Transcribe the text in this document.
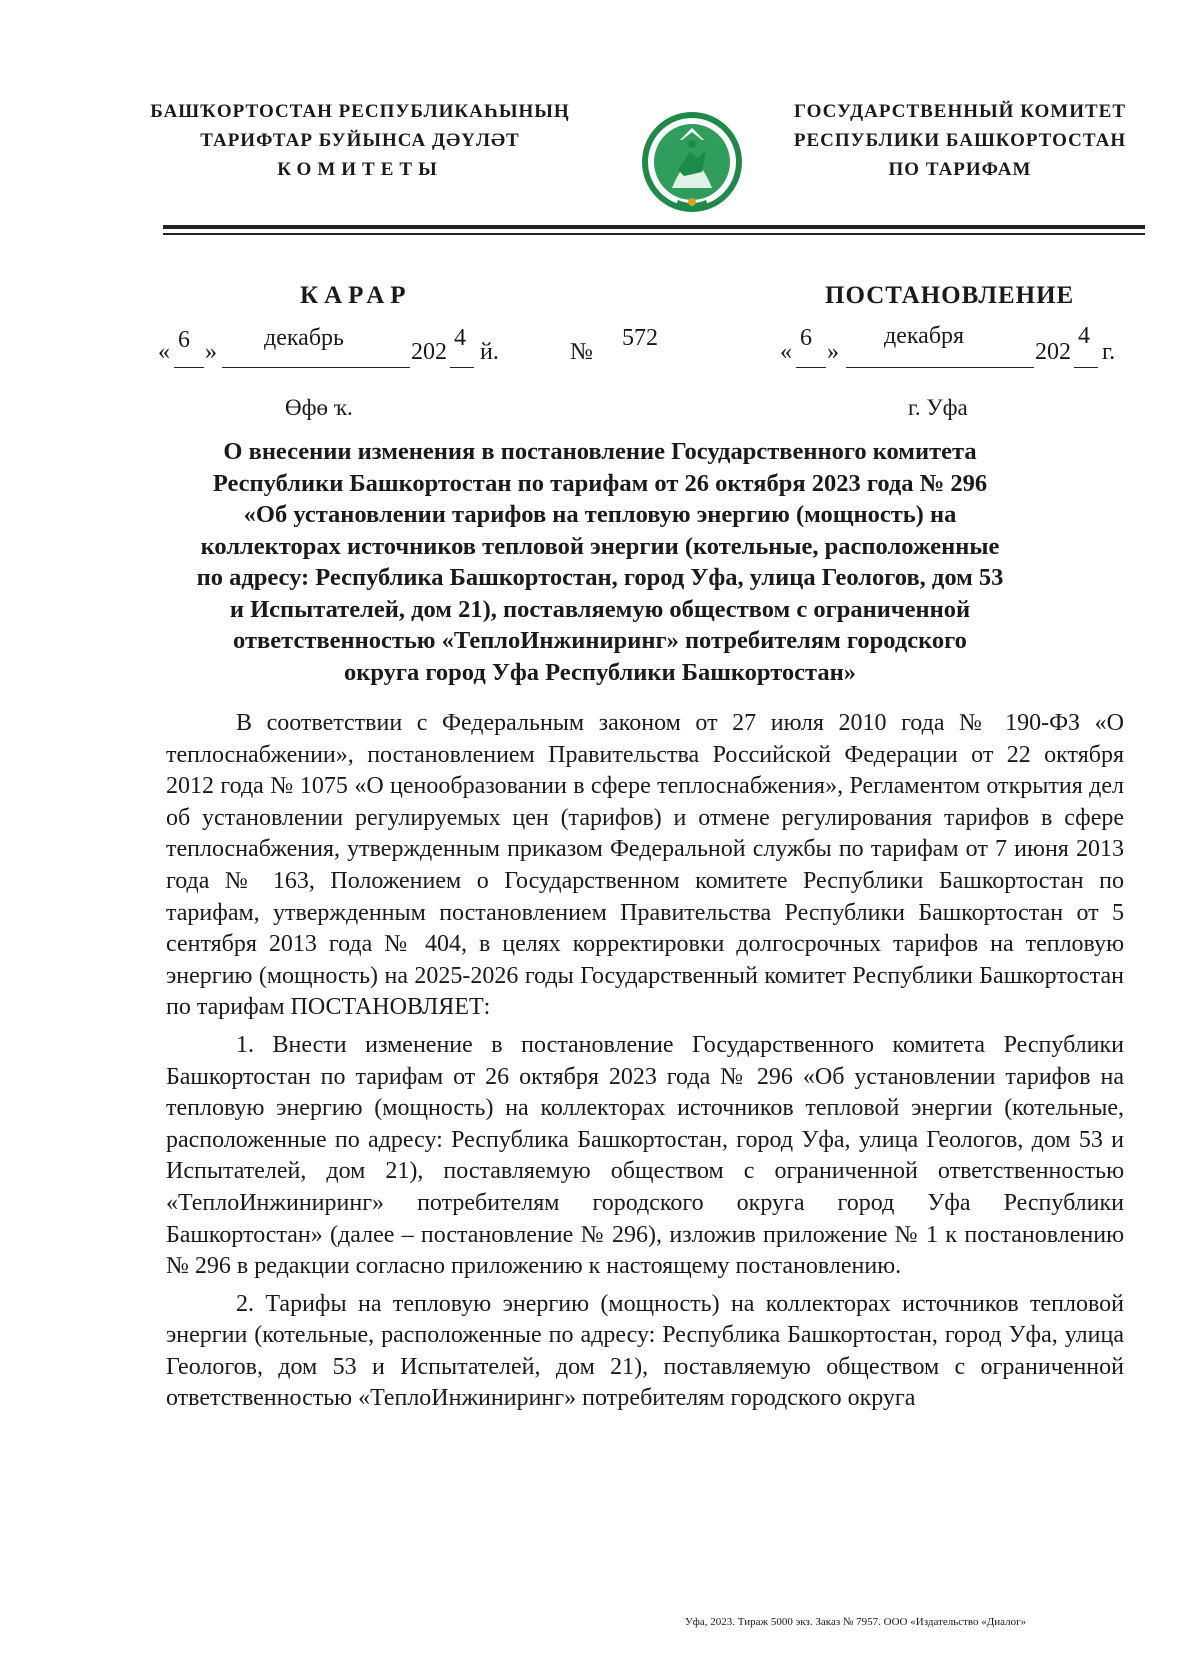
БАШҠОРТОСТАН РЕСПУБЛИКАҺЫНЫҢ
ТАРИФТАР БУЙЫНСА ДӘҮЛӘТ
КОМИТЕТЫ
ГОСУДАРСТВЕННЫЙ КОМИТЕТ
РЕСПУБЛИКИ БАШКОРТОСТАН
ПО ТАРИФАМ
КАРАР	ПОСТАНОВЛЕНИЕ
« 6 »
декабрь
202
4
й.	№
572
«
6
»
декабря
202
4
г.
Өфө ҡ.	г. Уфа
О внесении изменения в постановление Государственного комитета
Республики Башкортостан по тарифам от 26 октября 2023 года № 296
«Об установлении тарифов на тепловую энергию (мощность) на
коллекторах источников тепловой энергии (котельные, расположенные
по адресу: Республика Башкортостан, город Уфа, улица Геологов, дом 53
и Испытателей, дом 21), поставляемую обществом с ограниченной
ответственностью «ТеплоИнжиниринг» потребителям городского
округа город Уфа Республики Башкортостан»

В соответствии с Федеральным законом от 27 июля 2010 года № 190-ФЗ «О теплоснабжении», постановлением Правительства Российской Федерации от 22 октября 2012 года № 1075 «О ценообразовании в сфере теплоснабжения», Регламентом открытия дел об установлении регулируемых цен (тарифов) и отмене регулирования тарифов в сфере теплоснабжения, утвержденным приказом Федеральной службы по тарифам от 7 июня 2013 года № 163, Положением о Государственном комитете Республики Башкортостан по тарифам, утвержденным постановлением Правительства Республики Башкортостан от 5 сентября 2013 года № 404, в целях корректировки долгосрочных тарифов на тепловую энергию (мощность) на 2025-2026 годы Государственный комитет Республики Башкортостан по тарифам ПОСТАНОВЛЯЕТ:

1. Внести изменение в постановление Государственного комитета Республики Башкортостан по тарифам от 26 октября 2023 года № 296 «Об установлении тарифов на тепловую энергию (мощность) на коллекторах источников тепловой энергии (котельные, расположенные по адресу: Республика Башкортостан, город Уфа, улица Геологов, дом 53 и Испытателей, дом 21), поставляемую обществом с ограниченной ответственностью «ТеплоИнжиниринг» потребителям городского округа город Уфа Республики Башкортостан» (далее – постановление № 296), изложив приложение № 1 к постановлению № 296 в редакции согласно приложению к настоящему постановлению.

2. Тарифы на тепловую энергию (мощность) на коллекторах источников тепловой энергии (котельные, расположенные по адресу: Республика Башкортостан, город Уфа, улица Геологов, дом 53 и Испытателей, дом 21), поставляемую обществом с ограниченной ответственностью «ТеплоИнжиниринг» потребителям городского округа

Уфа, 2023. Тираж 5000 экз. Заказ № 7957. ООО «Издательство «Диалог»
